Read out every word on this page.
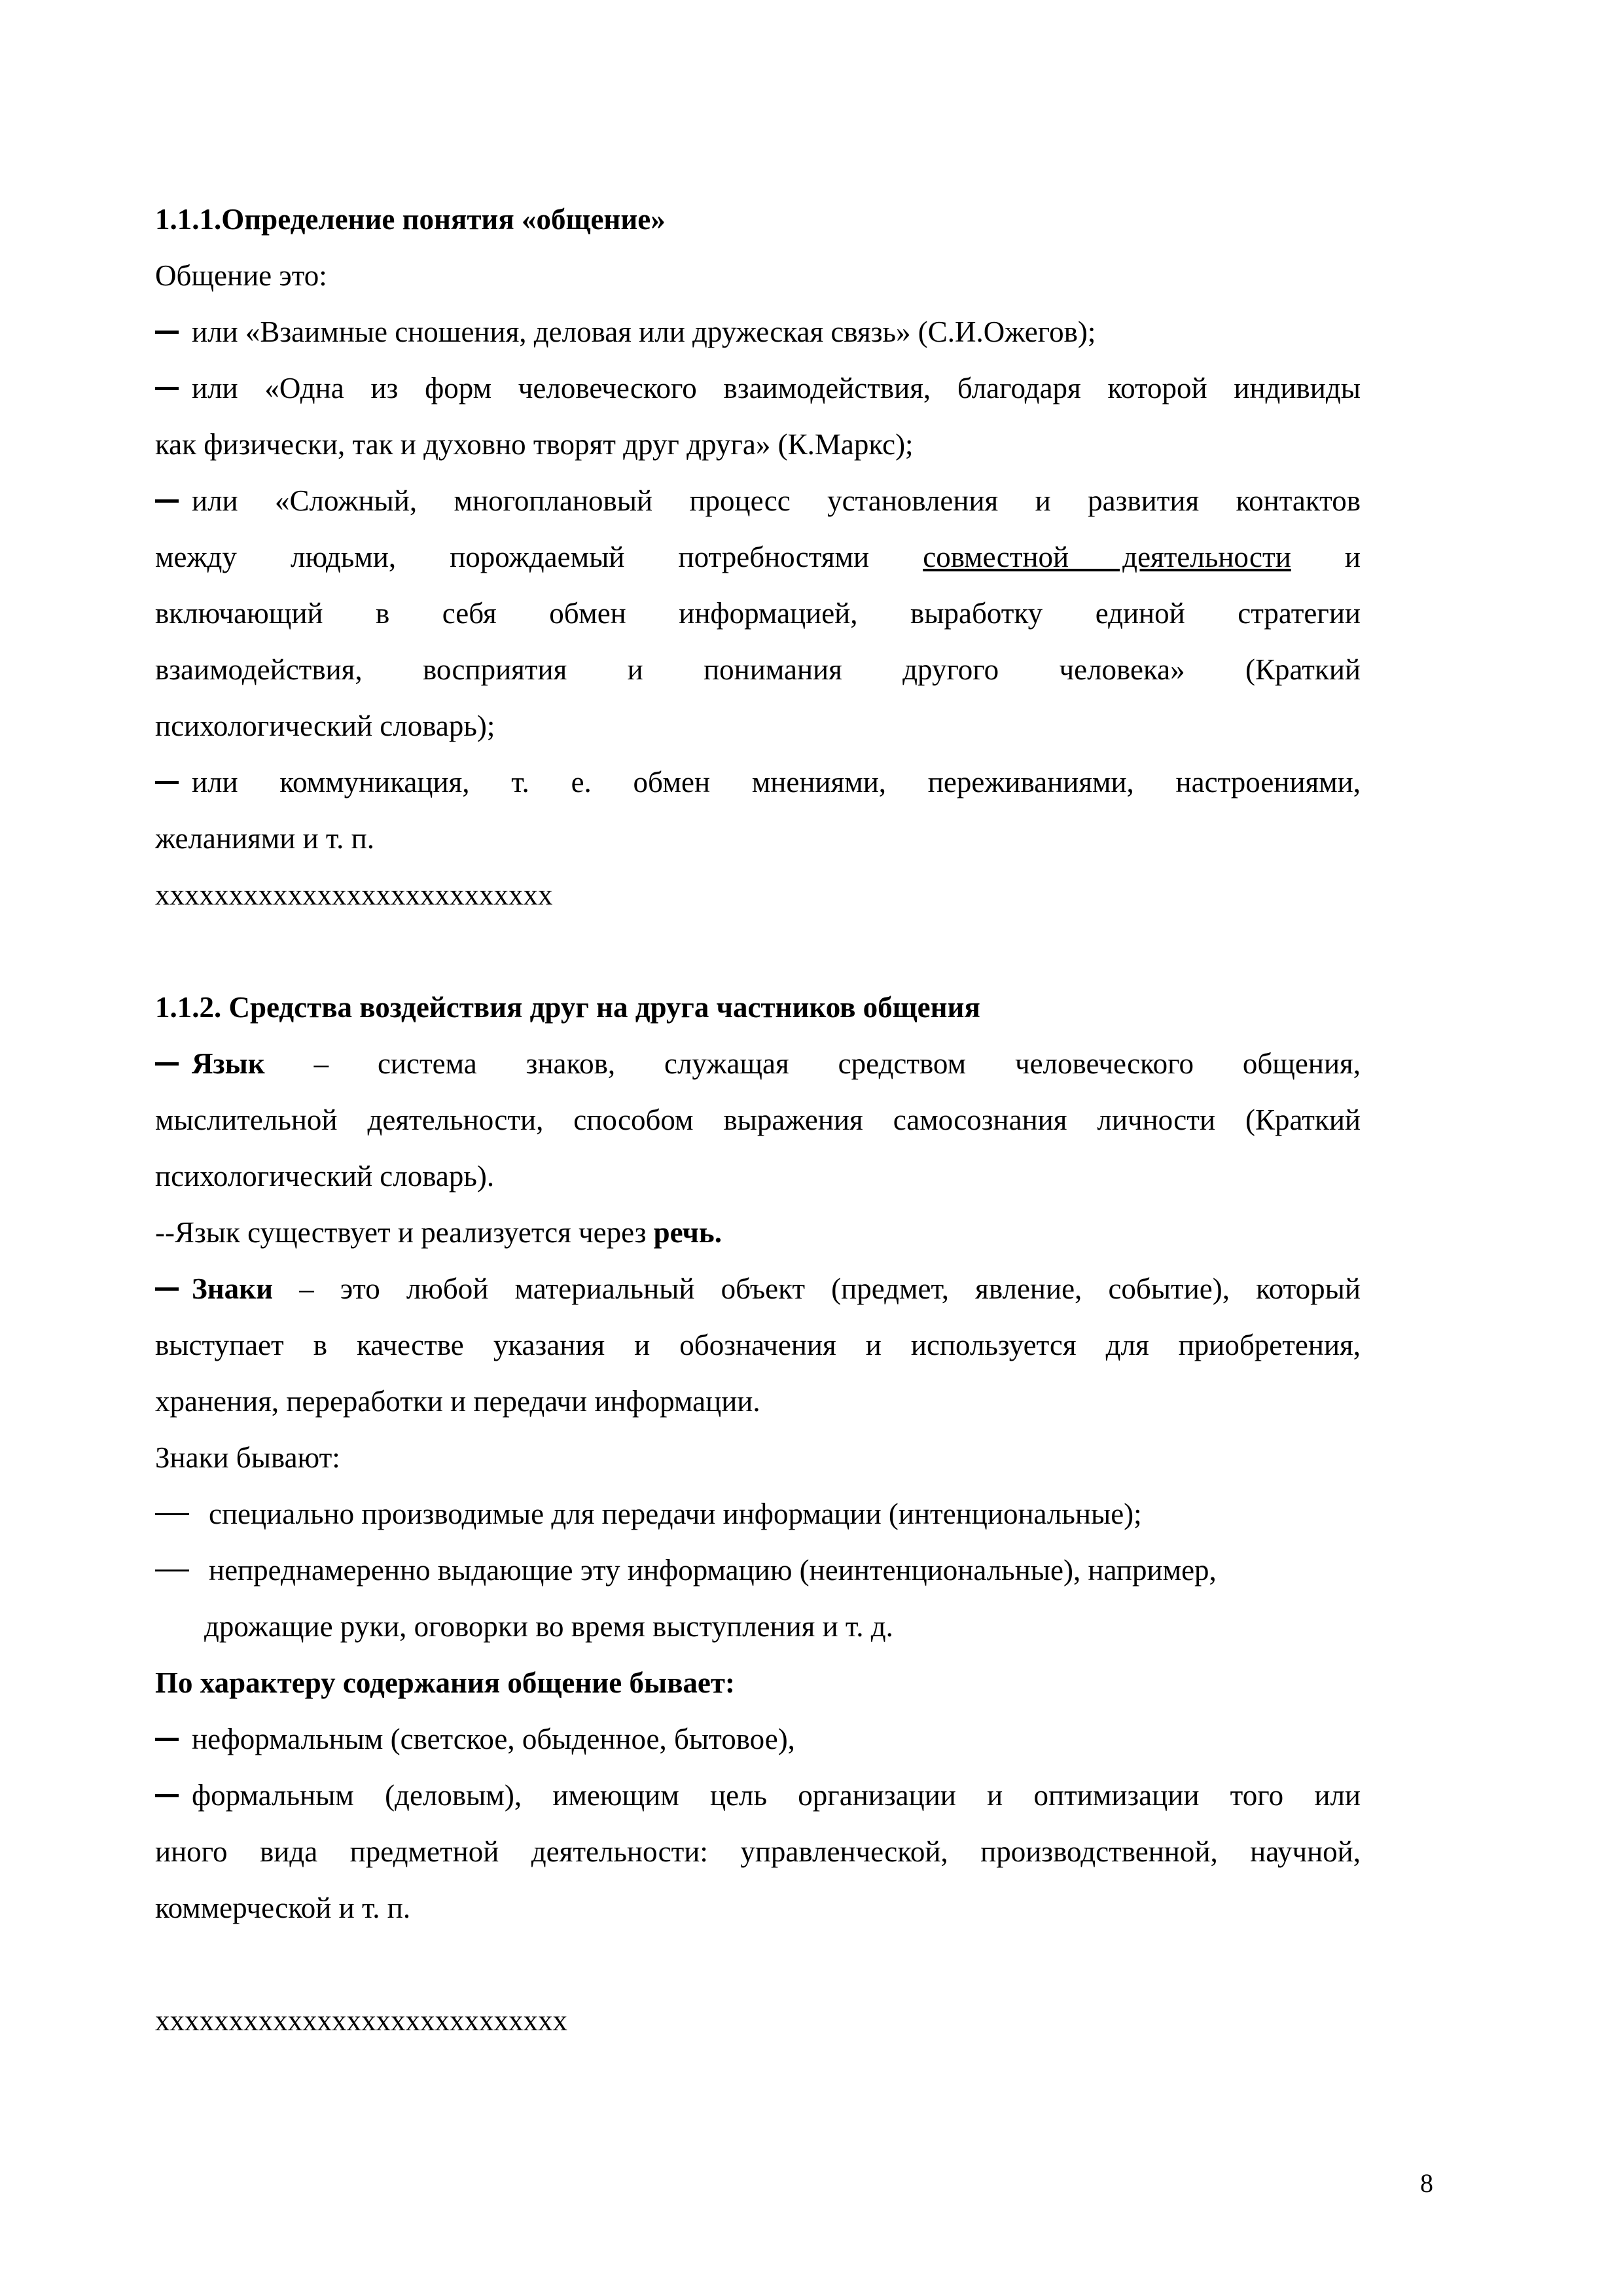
1.1.1.Определение понятия «общение»
Общение это:
или «Взаимные сношения, деловая или дружеская связь» (С.И.Ожегов);
или «Одна из форм человеческого взаимодействия, благодаря которой индивиды
как физически, так и духовно творят друг друга» (К.Маркс);
или «Сложный, многоплановый процесс установления и развития контактов
между людьми, порождаемый потребностями совместной деятельности и
включающий в себя обмен информацией, выработку единой стратегии
взаимодействия, восприятия и понимания другого человека» (Краткий
психологический словарь);
или коммуникация, т. е. обмен мнениями, переживаниями, настроениями,
желаниями и т. п.
xxxxxxxxxxxxxxxxxxxxxxxxxxx
1.1.2. Средства воздействия друг на друга частников общения
Язык – система знаков, служащая средством человеческого общения,
мыслительной деятельности, способом выражения самосознания личности (Краткий
психологический словарь).
--Язык существует и реализуется через речь.
Знаки – это любой материальный объект (предмет, явление, событие), который
выступает в качестве указания и обозначения и используется для приобретения,
хранения, переработки и передачи информации.
Знаки бывают:
специально производимые для передачи информации (интенциональные);
непреднамеренно выдающие эту информацию (неинтенциональные), например,
дрожащие руки, оговорки во время выступления и т. д.
По характеру содержания общение бывает:
неформальным (светское, обыденное, бытовое),
формальным (деловым), имеющим цель организации и оптимизации того или
иного вида предметной деятельности: управленческой, производственной, научной,
коммерческой и т. п.
xxxxxxxxxxxxxxxxxxxxxxxxxxxx
8
